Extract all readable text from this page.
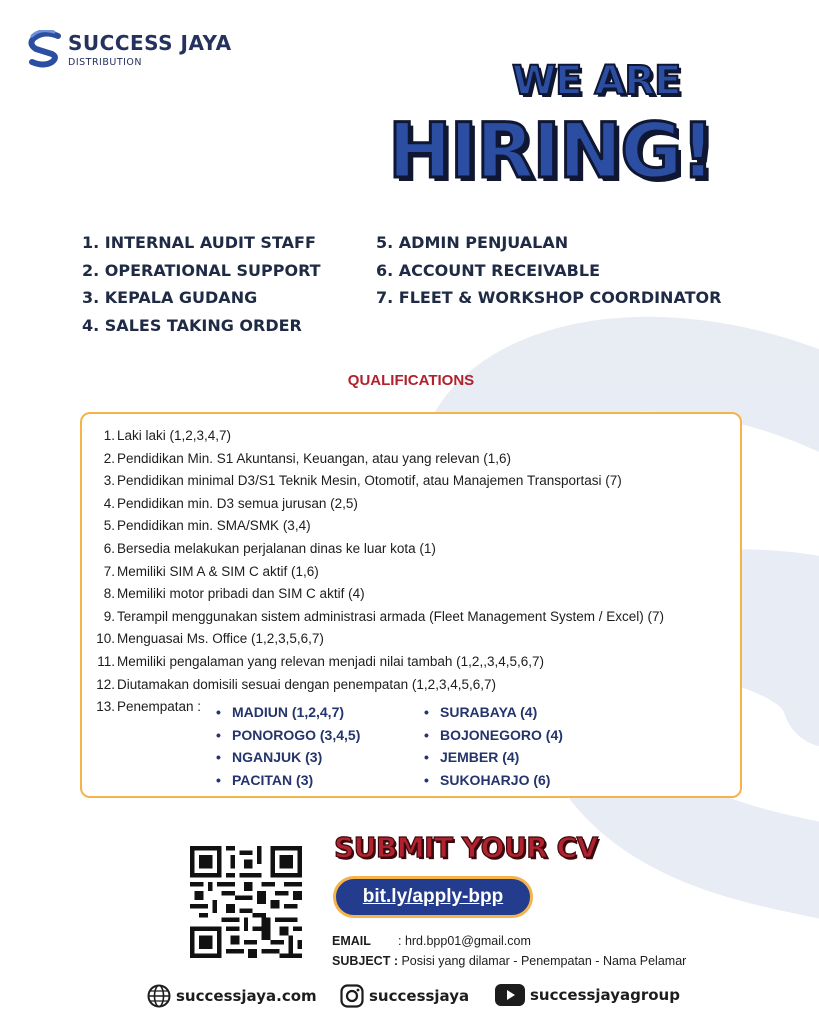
SUCCESS JAYA
DISTRIBUTION	WE ARE
HIRING!
1. INTERNAL AUDIT STAFF
2. OPERATIONAL SUPPORT
3. KEPALA GUDANG
4. SALES TAKING ORDER
5. ADMIN PENJUALAN
6. ACCOUNT RECEIVABLE
7. FLEET & WORKSHOP COORDINATOR
QUALIFICATIONS
1. Laki laki (1,2,3,4,7)
2. Pendidikan Min. S1 Akuntansi, Keuangan, atau yang relevan (1,6)
3. Pendidikan minimal D3/S1 Teknik Mesin, Otomotif, atau Manajemen Transportasi (7)
4. Pendidikan min. D3 semua jurusan (2,5)
5. Pendidikan min. SMA/SMK (3,4)
6. Bersedia melakukan perjalanan dinas ke luar kota (1)
7. Memiliki SIM A & SIM C aktif (1,6)
8. Memiliki motor pribadi dan SIM C aktif (4)
9. Terampil menggunakan sistem administrasi armada (Fleet Management System / Excel) (7)
10. Menguasai Ms. Office (1,2,3,5,6,7)
11. Memiliki pengalaman yang relevan menjadi nilai tambah (1,2,,3,4,5,6,7)
12. Diutamakan domisili sesuai dengan penempatan (1,2,3,4,5,6,7)
13. Penempatan : • MADIUN (1,2,4,7)
• PONOROGO (3,4,5)
• NGANJUK (3)
• PACITAN (3)
• SURABAYA (4)
• BOJONEGORO (4)
• JEMBER (4)
• SUKOHARJO (6)
SUBMIT YOUR CV
bit.ly/apply-bpp
EMAIL : hrd.bpp01@gmail.com
SUBJECT : Posisi yang dilamar - Penempatan - Nama Pelamar
successjaya.com	successjaya	successjayagroup
